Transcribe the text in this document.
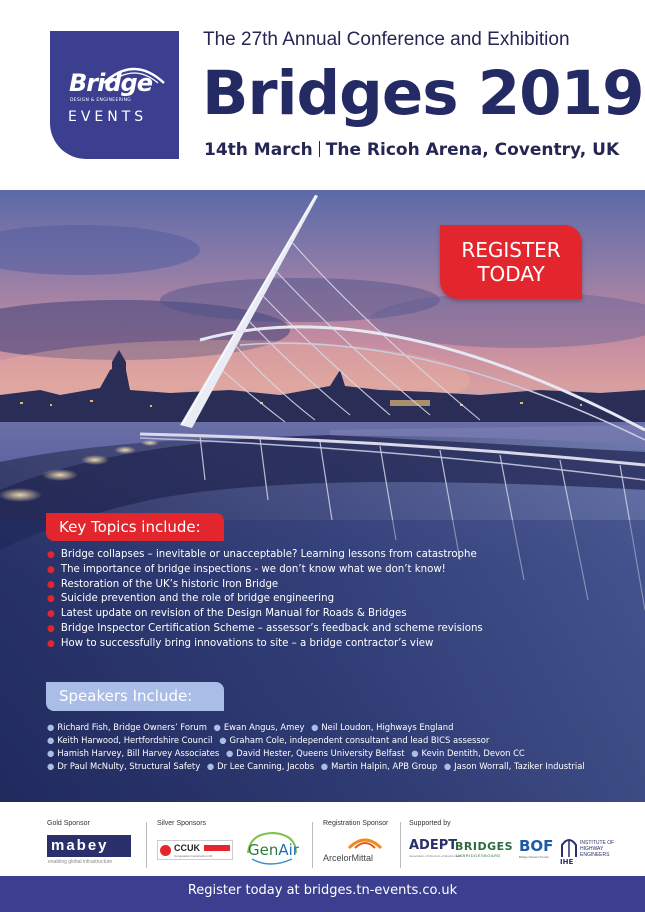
Bridge
DESIGN & ENGINEERING
EVENTS
The 27th Annual Conference and Exhibition
Bridges 2019
14th March The Ricoh Arena, Coventry, UK
REGISTER
TODAY
Key Topics include:
● Bridge collapses – inevitable or unacceptable? Learning lessons from catastrophe
● The importance of bridge inspections - we don’t know what we don’t know!
● Restoration of the UK’s historic Iron Bridge
● Suicide prevention and the role of bridge engineering
● Latest update on revision of the Design Manual for Roads & Bridges
● Bridge Inspector Certification Scheme – assessor’s feedback and scheme revisions
● How to successfully bring innovations to site – a bridge contractor’s view
Speakers Include:
● Richard Fish, Bridge Owners’ Forum ● Ewan Angus, Amey ● Neil Loudon, Highways England
● Keith Harwood, Hertfordshire Council ● Graham Cole, independent consultant and lead BICS assessor
● Hamish Harvey, Bill Harvey Associates ● David Hester, Queens University Belfast ● Kevin Dentith, Devon CC
● Dr Paul McNulty, Structural Safety ● Dr Lee Canning, Jacobs ● Martin Halpin, APB Group ● Jason Worrall, Taziker Industrial
Gold Sponsor
mabey
enabling global infrastructure
Silver Sponsors
CCUK
Composites Construction UK GenAir
Registration Sponsor
ArcelorMittal
Supported by
ADEPT
Association of Directors of Environment
BRIDGES
UKBRIDGESBOARD
BOF
Bridge Owners' Forum
IHE
INSTITUTE OF HIGHWAY ENGINEERS
Register today at bridges.tn-events.co.uk
